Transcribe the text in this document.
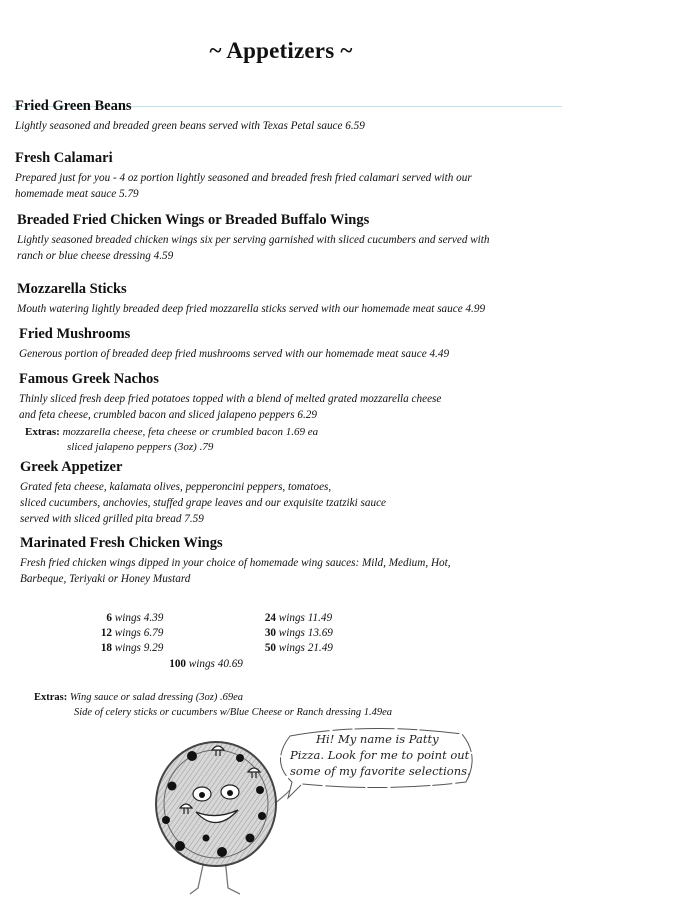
~ Appetizers ~
Fried Green Beans
Lightly seasoned and breaded green beans served with Texas Petal sauce 6.59
Fresh Calamari
Prepared just for you - 4 oz portion lightly seasoned and breaded fresh fried calamari served with our
homemade meat sauce 5.79
Breaded Fried Chicken Wings or Breaded Buffalo Wings
Lightly seasoned breaded chicken wings six per serving garnished with sliced cucumbers and served with
ranch or blue cheese dressing 4.59
Mozzarella Sticks
Mouth watering lightly breaded deep fried mozzarella sticks served with our homemade meat sauce 4.99
Fried Mushrooms
Generous portion of breaded deep fried mushrooms served with our homemade meat sauce 4.49
Famous Greek Nachos
Thinly sliced fresh deep fried potatoes topped with a blend of melted grated mozzarella cheese
and feta cheese, crumbled bacon and sliced jalapeno peppers 6.29
Extras: mozzarella cheese, feta cheese or crumbled bacon 1.69 ea
sliced jalapeno peppers (3oz) .79
Greek Appetizer
Grated feta cheese, kalamata olives, pepperoncini peppers, tomatoes,
sliced cucumbers, anchovies, stuffed grape leaves and our exquisite tzatziki sauce
served with sliced grilled pita bread 7.59
Marinated Fresh Chicken Wings
Fresh fried chicken wings dipped in your choice of homemade wing sauces: Mild, Medium, Hot,
Barbeque, Teriyaki or Honey Mustard
6 wings 4.39
12 wings 6.79
18 wings 9.29
24 wings 11.49
30 wings 13.69
50 wings 21.49
100 wings 40.69
Extras: Wing sauce or salad dressing (3oz) .69ea
Side of celery sticks or cucumbers w/Blue Cheese or Ranch dressing 1.49ea
Hi! My name is Patty
Pizza. Look for me to point out
some of my favorite selections.
